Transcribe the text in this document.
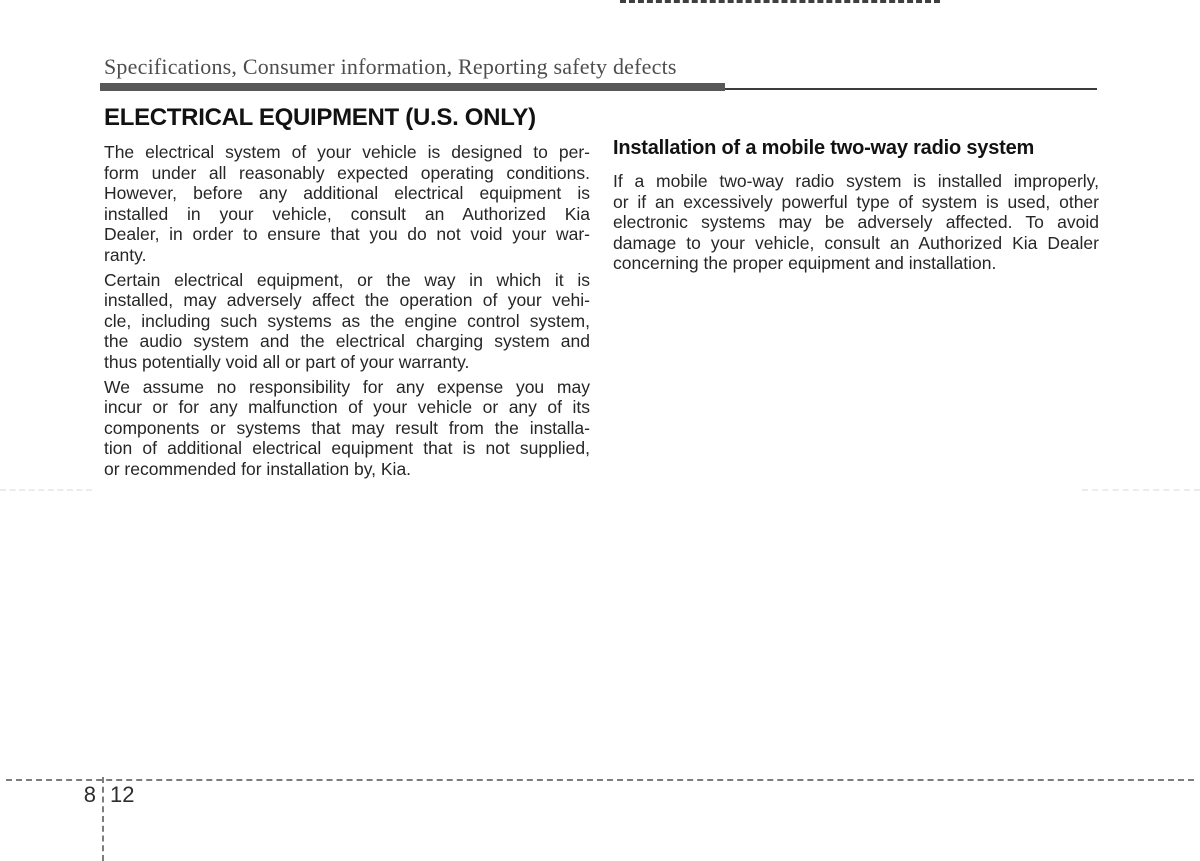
Specifications, Consumer information, Reporting safety defects
ELECTRICAL EQUIPMENT (U.S. ONLY)
The electrical system of your vehicle is designed to per-
form under all reasonably expected operating conditions.
However, before any additional electrical equipment is
installed in your vehicle, consult an Authorized Kia
Dealer, in order to ensure that you do not void your war-
ranty.
Certain electrical equipment, or the way in which it is
installed, may adversely affect the operation of your vehi-
cle, including such systems as the engine control system,
the audio system and the electrical charging system and
thus potentially void all or part of your warranty.
We assume no responsibility for any expense you may
incur or for any malfunction of your vehicle or any of its
components or systems that may result from the installa-
tion of additional electrical equipment that is not supplied,
or recommended for installation by, Kia.
Installation of a mobile two-way radio system
If a mobile two-way radio system is installed improperly,
or if an excessively powerful type of system is used, other
electronic systems may be adversely affected. To avoid
damage to your vehicle, consult an Authorized Kia Dealer
concerning the proper equipment and installation.
8 12
